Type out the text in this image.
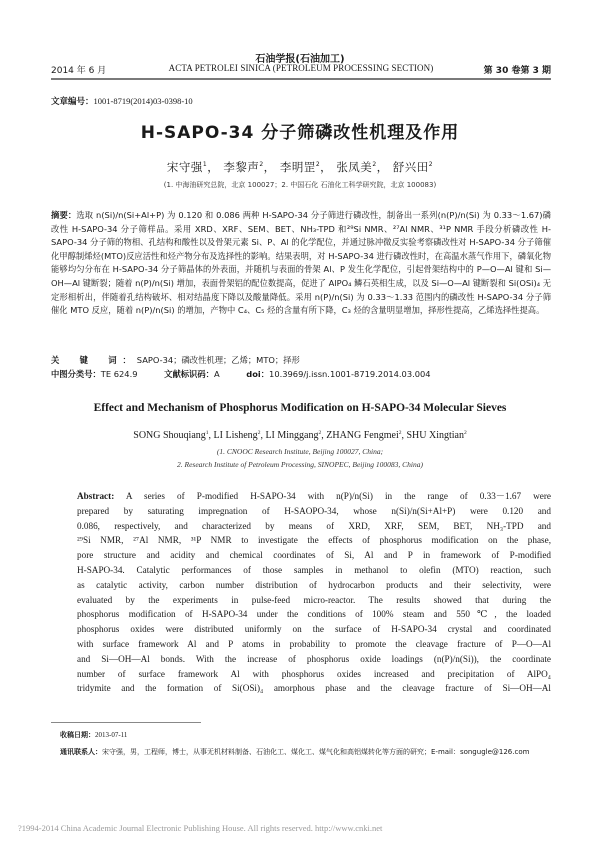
石油学报(石油加工)
2014 年 6 月	ACTA PETROLEI SINICA (PETROLEUM PROCESSING SECTION)	第 30 卷第 3 期
文章编号：1001-8719(2014)03-0398-10
H-SAPO-34 分子筛磷改性机理及作用
宋守强$^1$， 李黎声$^2$， 李明罡$^2$， 张凤美$^2$， 舒兴田$^2$
(1. 中海油研究总院，北京 100027；2. 中国石化 石油化工科学研究院，北京 100083)
摘要：选取 n(Si)/n(Si+Al+P) 为 0.120 和 0.086 两种 H-SAPO-34 分子筛进行磷改性，制备出一系列(n(P)/n(Si) 为 0.33～1.67)磷改性 H-SAPO-34 分子筛样品。采用 XRD、XRF、SEM、BET、NH₃-TPD 和²⁹Si NMR、²⁷Al NMR、³¹P NMR 手段分析磷改性 H-SAPO-34 分子筛的物相、孔结构和酸性以及骨架元素 Si、P、Al 的化学配位，并通过脉冲微反实验考察磷改性对 H-SAPO-34 分子筛催化甲醇制烯烃(MTO)反应活性和烃产物分布及选择性的影响。结果表明，对 H-SAPO-34 进行磷改性时，在高温水蒸气作用下，磷氧化物能够均匀分布在 H-SAPO-34 分子筛晶体的外表面，并随机与表面的骨架 Al、P 发生化学配位，引起骨架结构中的 P—O—Al 键和 Si—OH—Al 键断裂；随着 n(P)/n(Si) 增加，表面骨架铝的配位数提高，促进了 AlPO₄ 鳞石英相生成，以及 Si—O—Al 键断裂和 Si(OSi)₄ 无定形相析出，伴随着孔结构破坏、相对结晶度下降以及酸量降低。采用 n(P)/n(Si) 为 0.33～1.33 范围内的磷改性 H-SAPO-34 分子筛催化 MTO 反应，随着 n(P)/n(Si) 的增加，产物中 C₄、C₅ 烃的含量有所下降，C₃ 烃的含量明显增加，择形性提高，乙烯选择性提高。
关　键　词：SAPO-34；磷改性机理；乙烯；MTO；择形
中图分类号：TE 624.9	文献标识码：A	doi：10.3969/j.issn.1001-8719.2014.03.004
Effect and Mechanism of Phosphorus Modification on H-SAPO-34 Molecular Sieves
SONG Shouqiang$^1$, LI Lisheng$^2$, LI Minggang$^2$, ZHANG Fengmei$^2$, SHU Xingtian$^2$
(1. CNOOC Research Institute, Beijing 100027, China;
2. Research Institute of Petroleum Processing, SINOPEC, Beijing 100083, China)
Abstract: A series of P-modified H-SAPO-34 with n(P)/n(Si) in the range of 0.33－1.67 were
prepared by saturating impregnation of H-SAOPO-34, whose n(Si)/n(Si+Al+P) were 0.120 and
0.086, respectively, and characterized by means of XRD, XRF, SEM, BET, NH₃-TPD and
²⁹Si NMR, ²⁷Al NMR, ³¹P NMR to investigate the effects of phosphorus modification on the phase,
pore structure and acidity and chemical coordinates of Si, Al and P in framework of P-modified
H-SAPO-34. Catalytic performances of those samples in methanol to olefin (MTO) reaction, such
as catalytic activity, carbon number distribution of hydrocarbon products and their selectivity, were
evaluated by the experiments in pulse-feed micro-reactor. The results showed that during the
phosphorus modification of H-SAPO-34 under the conditions of 100% steam and 550℃, the loaded
phosphorus oxides were distributed uniformly on the surface of H-SAPO-34 crystal and coordinated
with surface framework Al and P atoms in probability to promote the cleavage fracture of P—O—Al
and Si—OH—Al bonds. With the increase of phosphorus oxide loadings (n(P)/n(Si)), the coordinate
number of surface framework Al with phosphorus oxides increased and precipitation of AlPO₄
tridymite and the formation of Si(OSi)₄ amorphous phase and the cleavage fracture of Si—OH—Al
收稿日期：2013-07-11
通讯联系人：宋守强，男，工程师，博士，从事无机材料制备、石油化工、煤化工、煤气化和高铝煤转化等方面的研究；E-mail：songugle@126.com
?1994-2014 China Academic Journal Electronic Publishing House. All rights reserved. http://www.cnki.net
